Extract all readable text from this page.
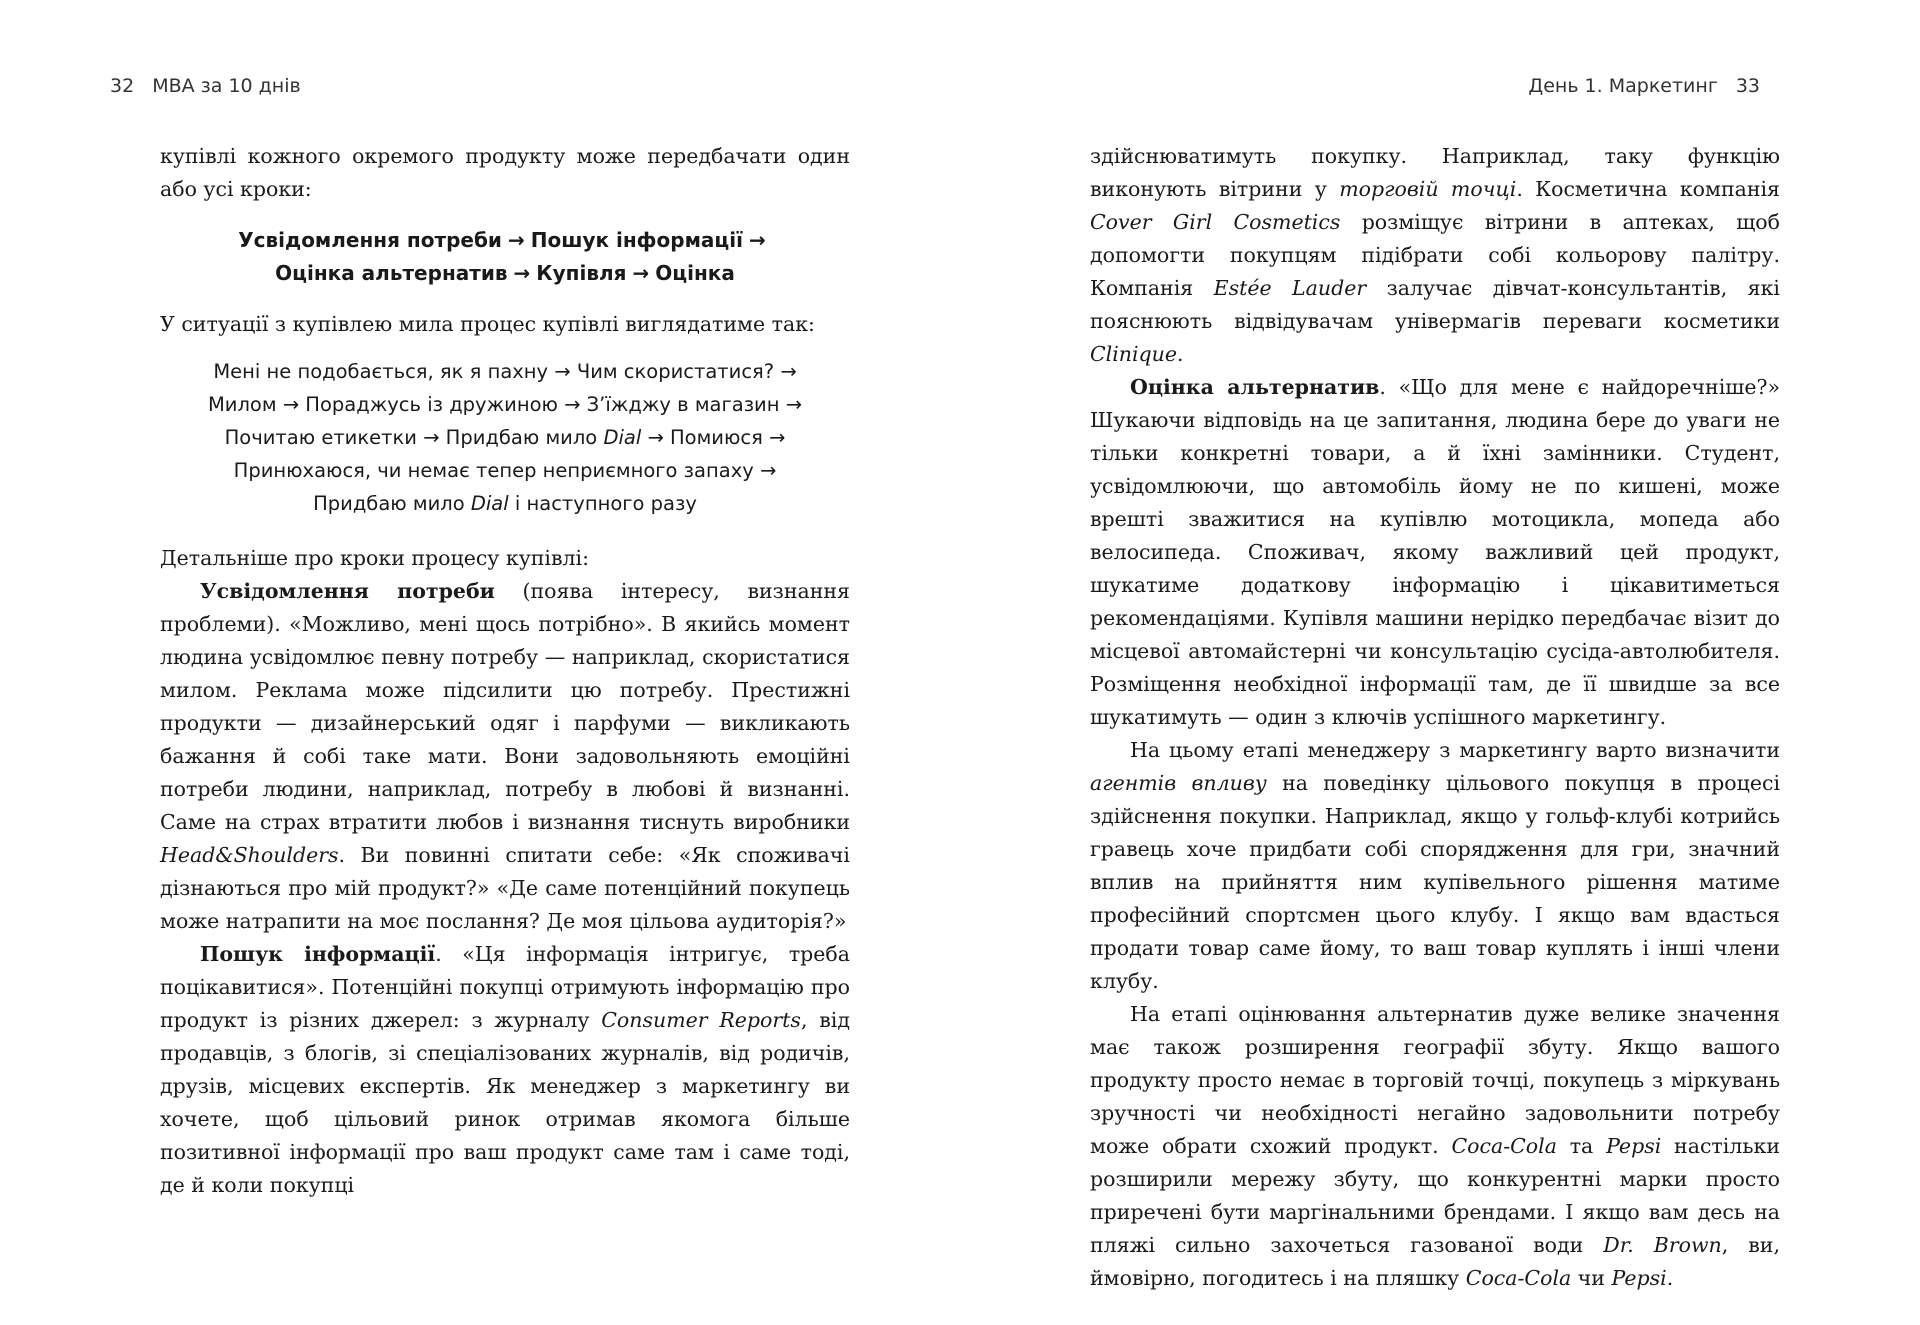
32 MBA за 10 днів

купівлі кожного окремого продукту може передбачати один або усі кроки:

Усвідомлення потреби → Пошук інформації →
Оцінка альтернатив → Купівля → Оцінка

У ситуації з купівлею мила процес купівлі виглядатиме так:

Мені не подобається, як я пахну → Чим скористатися? →
Милом → Пораджусь із дружиною → З’їжджу в магазин →
Почитаю етикетки → Придбаю мило Dial → Помиюся →
Принюхаюся, чи немає тепер неприємного запаху →
Придбаю мило Dial і наступного разу

Детальніше про кроки процесу купівлі:

Усвідомлення потреби (поява інтересу, визнання проблеми). «Можливо, мені щось потрібно». В якийсь момент людина усвідомлює певну потребу — наприклад, скористатися милом. Реклама може підсилити цю потребу. Престижні продукти — дизайнерський одяг і парфуми — викликають бажання й собі таке мати. Вони задовольняють емоційні потреби людини, наприклад, потребу в любові й визнанні. Саме на страх втратити любов і визнання тиснуть виробники Head&Shoulders. Ви повинні спитати себе: «Як споживачі дізнаються про мій продукт?» «Де саме потенційний покупець може натрапити на моє послання? Де моя цільова аудиторія?»

Пошук інформації. «Ця інформація інтригує, треба поцікавитися». Потенційні покупці отримують інформацію про продукт із різних джерел: з журналу Consumer Reports, від продавців, з блогів, зі спеціалізованих журналів, від родичів, друзів, місцевих експертів. Як менеджер з маркетингу ви хочете, щоб цільовий ринок отримав якомога більше позитивної інформації про ваш продукт саме там і саме тоді, де й коли покупці

День 1. Маркетинг 33

здійснюватимуть покупку. Наприклад, таку функцію виконують вітрини у торговій точці. Косметична компанія Cover Girl Cosmetics розміщує вітрини в аптеках, щоб допомогти покупцям підібрати собі кольорову палітру. Компанія Estée Lauder залучає дівчат-консультантів, які пояснюють відвідувачам універмагів переваги косметики Clinique.

Оцінка альтернатив. «Що для мене є найдоречніше?» Шукаючи відповідь на це запитання, людина бере до уваги не тільки конкретні товари, а й їхні замінники. Студент, усвідомлюючи, що автомобіль йому не по кишені, може врешті зважитися на купівлю мотоцикла, мопеда або велосипеда. Споживач, якому важливий цей продукт, шукатиме додаткову інформацію і цікавитиметься рекомендаціями. Купівля машини нерідко передбачає візит до місцевої автомайстерні чи консультацію сусіда-автолюбителя. Розміщення необхідної інформації там, де її швидше за все шукатимуть — один з ключів успішного маркетингу.

На цьому етапі менеджеру з маркетингу варто визначити агентів впливу на поведінку цільового покупця в процесі здійснення покупки. Наприклад, якщо у гольф-клубі котрийсь гравець хоче придбати собі спорядження для гри, значний вплив на прийняття ним купівельного рішення матиме професійний спортсмен цього клубу. І якщо вам вдасться продати товар саме йому, то ваш товар куплять і інші члени клубу.

На етапі оцінювання альтернатив дуже велике значення має також розширення географії збуту. Якщо вашого продукту просто немає в торговій точці, покупець з міркувань зручності чи необхідності негайно задовольнити потребу може обрати схожий продукт. Coca-Cola та Pepsi настільки розширили мережу збуту, що конкурентні марки просто приречені бути маргінальними брендами. І якщо вам десь на пляжі сильно захочеться газованої води Dr. Brown, ви, ймовірно, погодитесь і на пляшку Coca-Cola чи Pepsi.
